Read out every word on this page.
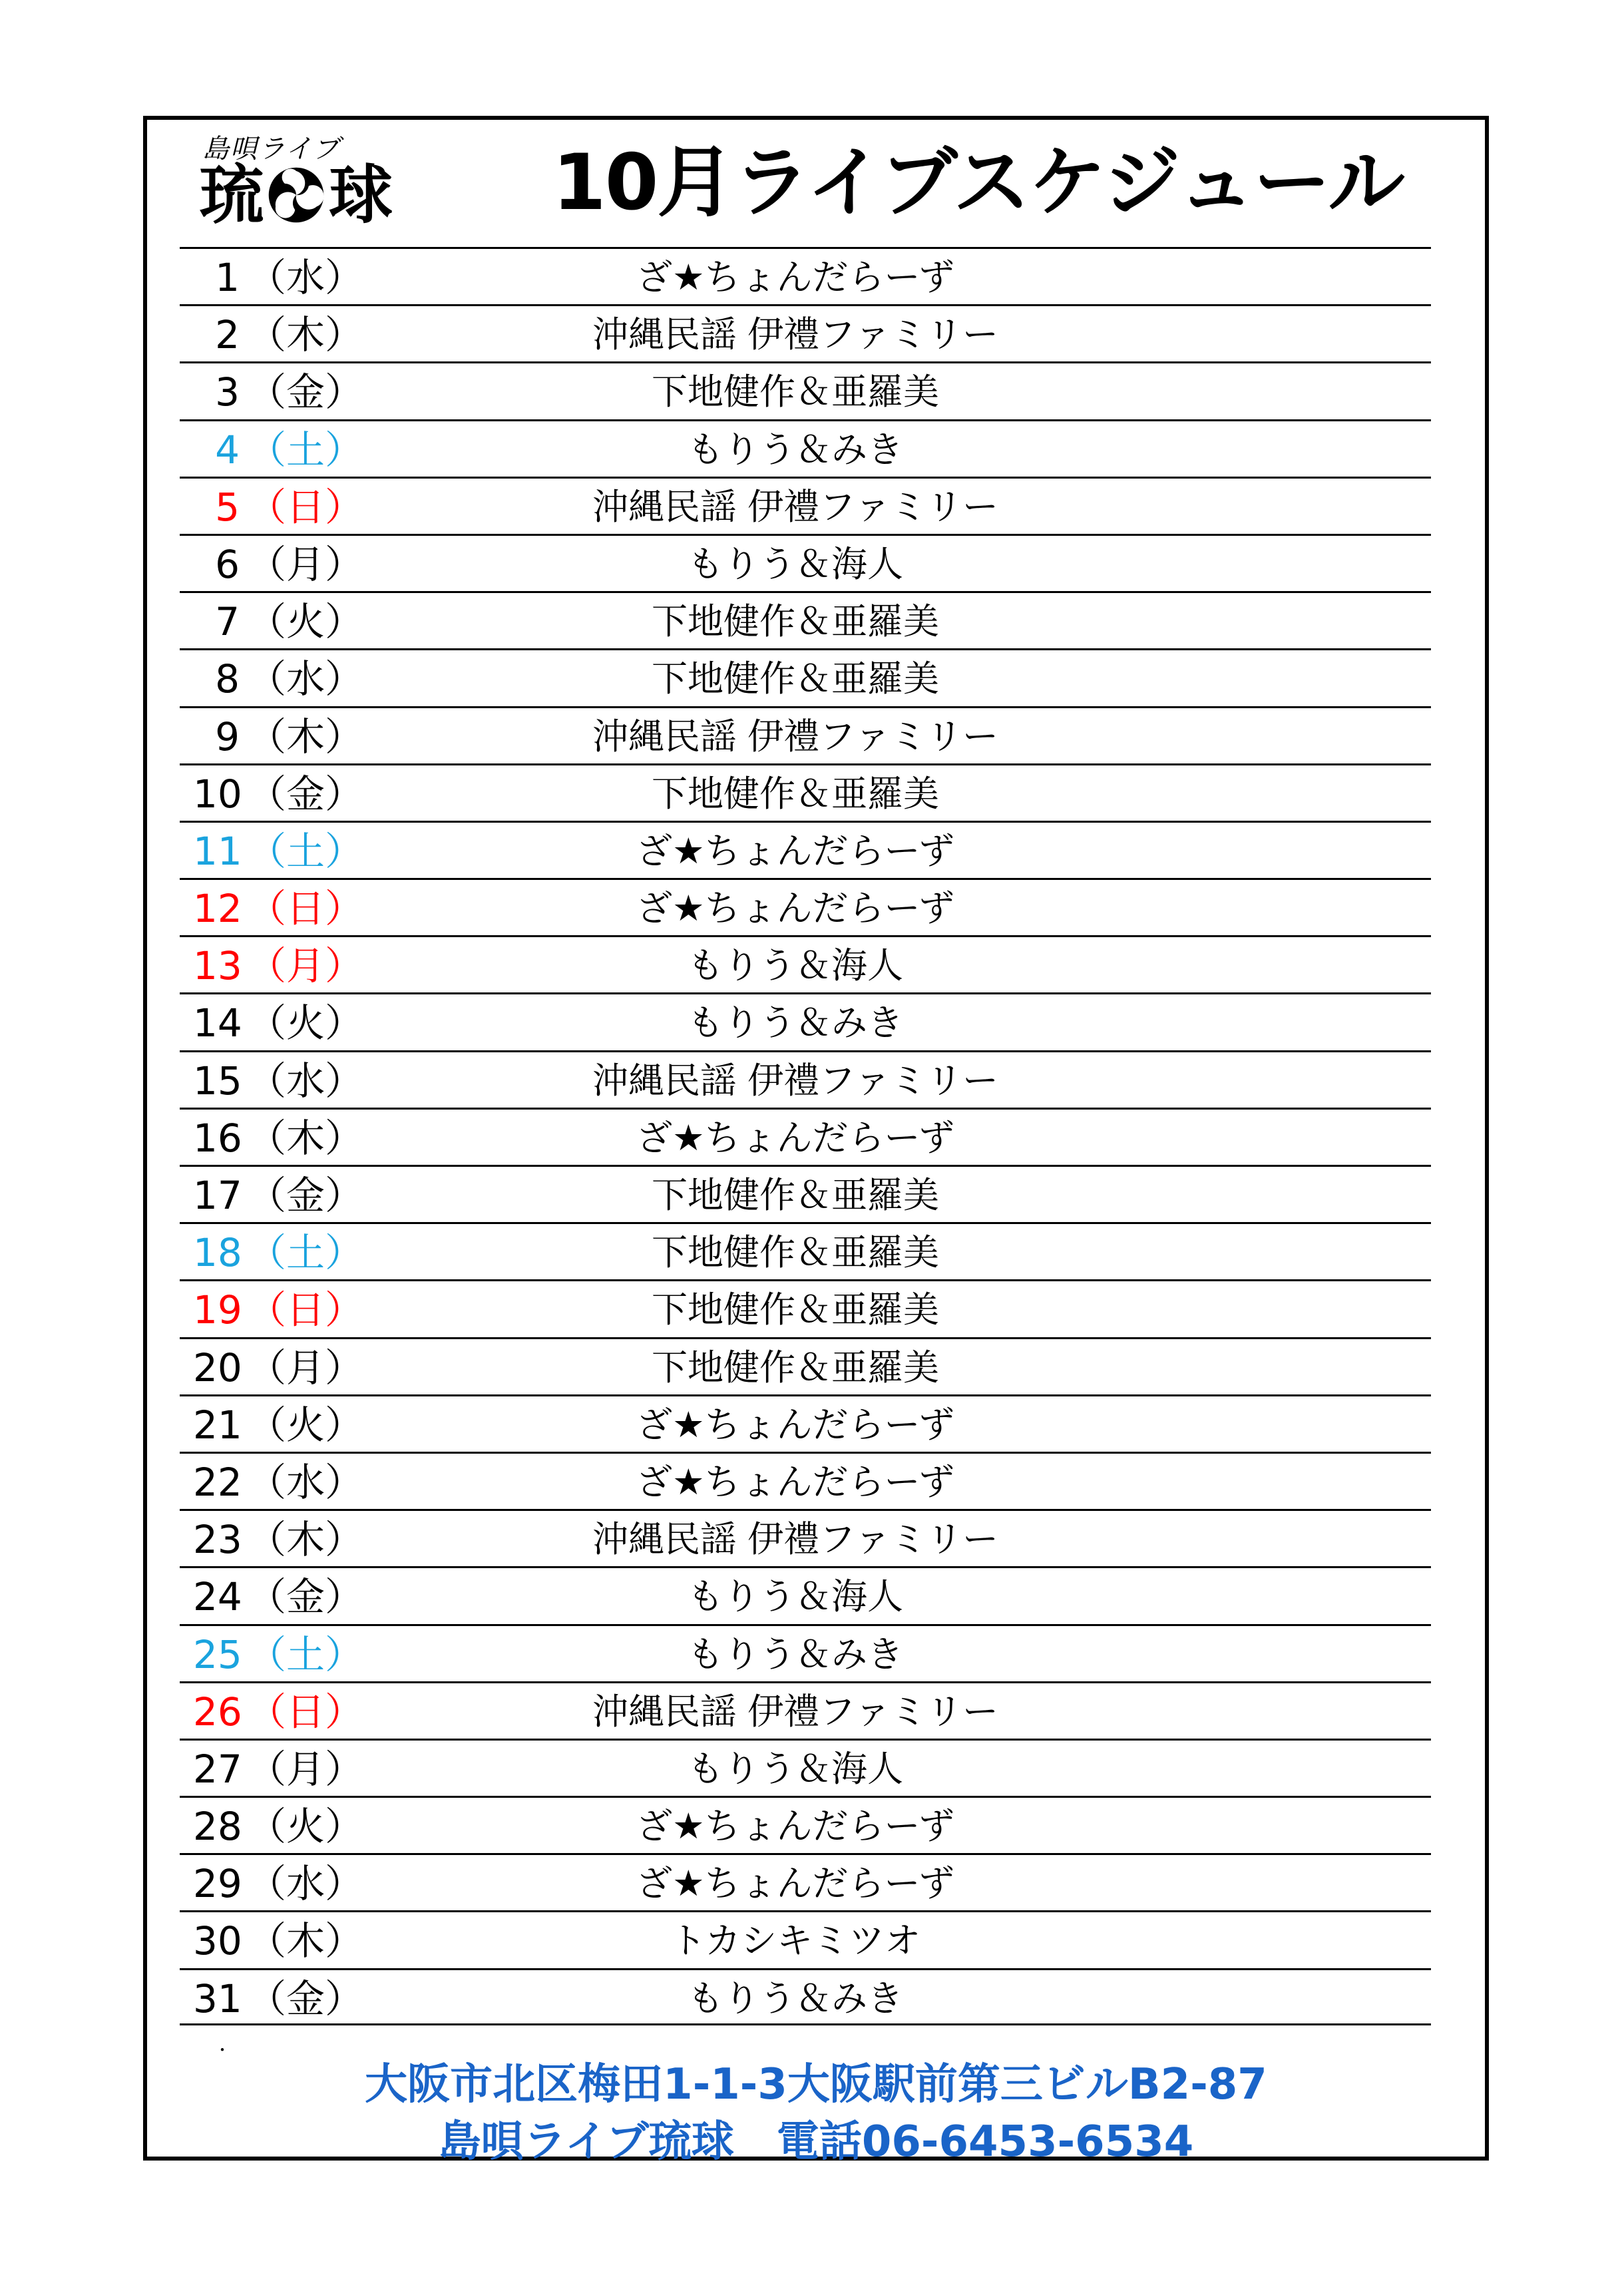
島唄ライブ
琉 球 10月ライブスケジュール
1 （水）	ざ★ちょんだらーず
2 （木）	沖縄民謡 伊禮ファミリー
3 （金）	下地健作＆亜羅美
4 （土）	もりう＆みき
5 （日）	沖縄民謡 伊禮ファミリー
6 （月）	もりう＆海人
7 （火）	下地健作＆亜羅美
8 （水）	下地健作＆亜羅美
9 （木）	沖縄民謡 伊禮ファミリー
10 （金）	下地健作＆亜羅美
11 （土）	ざ★ちょんだらーず
12 （日）	ざ★ちょんだらーず
13 （月）	もりう＆海人
14 （火）	もりう＆みき
15 （水）	沖縄民謡 伊禮ファミリー
16 （木）	ざ★ちょんだらーず
17 （金）	下地健作＆亜羅美
18 （土）	下地健作＆亜羅美
19 （日）	下地健作＆亜羅美
20 （月）	下地健作＆亜羅美
21 （火）	ざ★ちょんだらーず
22 （水）	ざ★ちょんだらーず
23 （木）	沖縄民謡 伊禮ファミリー
24 （金）	もりう＆海人
25 （土）	もりう＆みき
26 （日）	沖縄民謡 伊禮ファミリー
27 （月）	もりう＆海人
28 （火）	ざ★ちょんだらーず
29 （水）	ざ★ちょんだらーず
30 （木）	トカシキミツオ
31 （金）	もりう＆みき
・
大阪市北区梅田1-1-3大阪駅前第三ビルB2-87
島唄ライブ琉球　電話06-6453-6534
